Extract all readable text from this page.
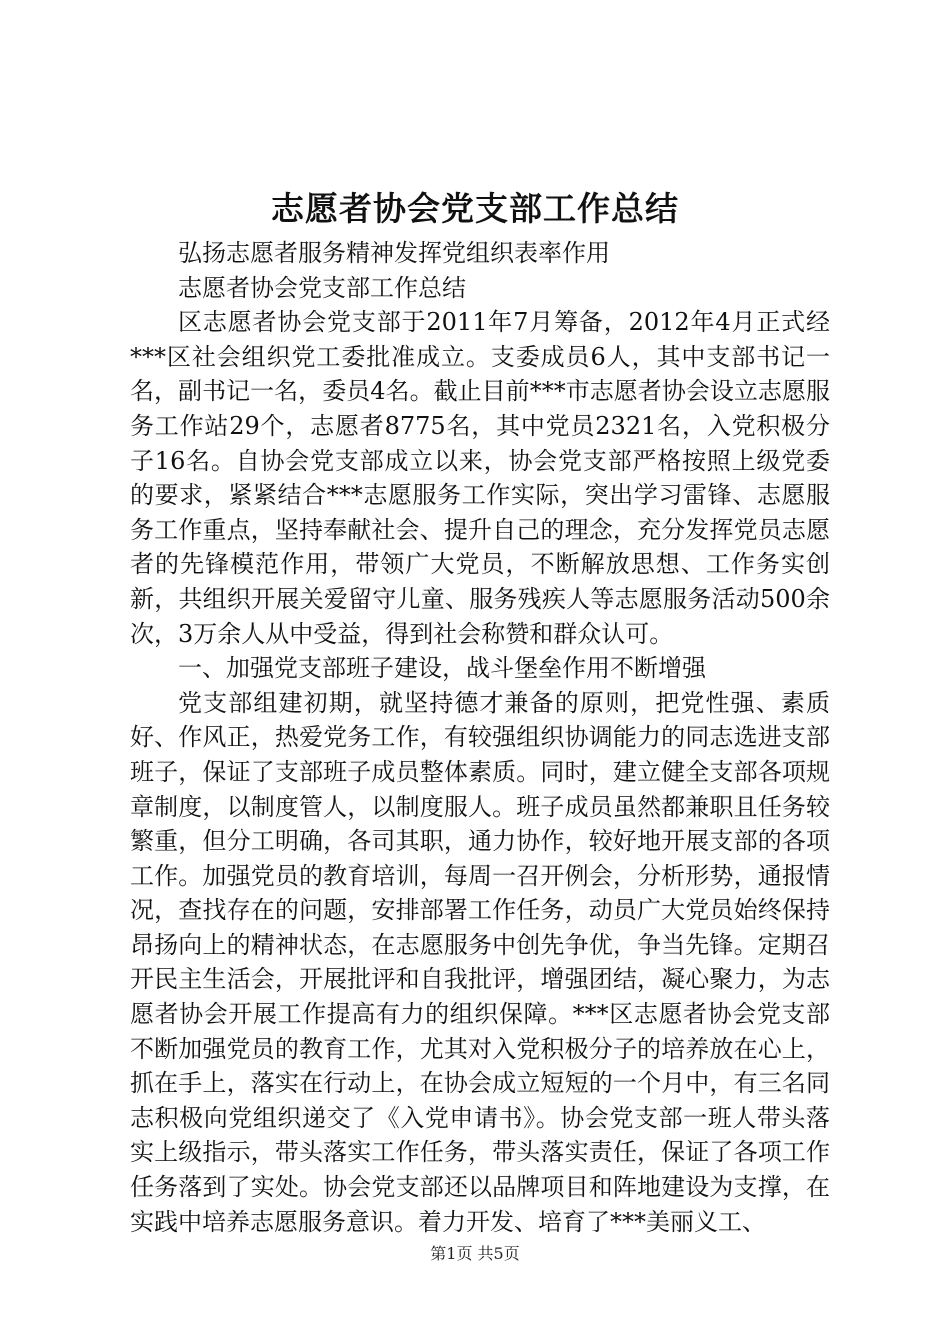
志愿者协会党支部工作总结

弘扬志愿者服务精神发挥党组织表率作用

志愿者协会党支部工作总结

区志愿者协会党支部于2011年7月筹备，2012年4月正式经***区社会组织党工委批准成立。支委成员6人，其中支部书记一名，副书记一名，委员4名。截止目前***市志愿者协会设立志愿服务工作站29个，志愿者8775名，其中党员2321名，入党积极分子16名。自协会党支部成立以来，协会党支部严格按照上级党委的要求，紧紧结合***志愿服务工作实际，突出学习雷锋、志愿服务工作重点，坚持奉献社会、提升自己的理念，充分发挥党员志愿者的先锋模范作用，带领广大党员，不断解放思想、工作务实创新，共组织开展关爱留守儿童、服务残疾人等志愿服务活动500余次，3万余人从中受益，得到社会称赞和群众认可。

一、加强党支部班子建设，战斗堡垒作用不断增强

党支部组建初期，就坚持德才兼备的原则，把党性强、素质好、作风正，热爱党务工作，有较强组织协调能力的同志选进支部班子，保证了支部班子成员整体素质。同时，建立健全支部各项规章制度，以制度管人，以制度服人。班子成员虽然都兼职且任务较繁重，但分工明确，各司其职，通力协作，较好地开展支部的各项工作。加强党员的教育培训，每周一召开例会，分析形势，通报情况，查找存在的问题，安排部署工作任务，动员广大党员始终保持昂扬向上的精神状态，在志愿服务中创先争优，争当先锋。定期召开民主生活会，开展批评和自我批评，增强团结，凝心聚力，为志愿者协会开展工作提高有力的组织保障。***区志愿者协会党支部不断加强党员的教育工作，尤其对入党积极分子的培养放在心上，抓在手上，落实在行动上，在协会成立短短的一个月中，有三名同志积极向党组织递交了《入党申请书》。协会党支部一班人带头落实上级指示，带头落实工作任务，带头落实责任，保证了各项工作任务落到了实处。协会党支部还以品牌项目和阵地建设为支撑，在实践中培养志愿服务意识。着力开发、培育了***美丽义工、

第1页 共5页
